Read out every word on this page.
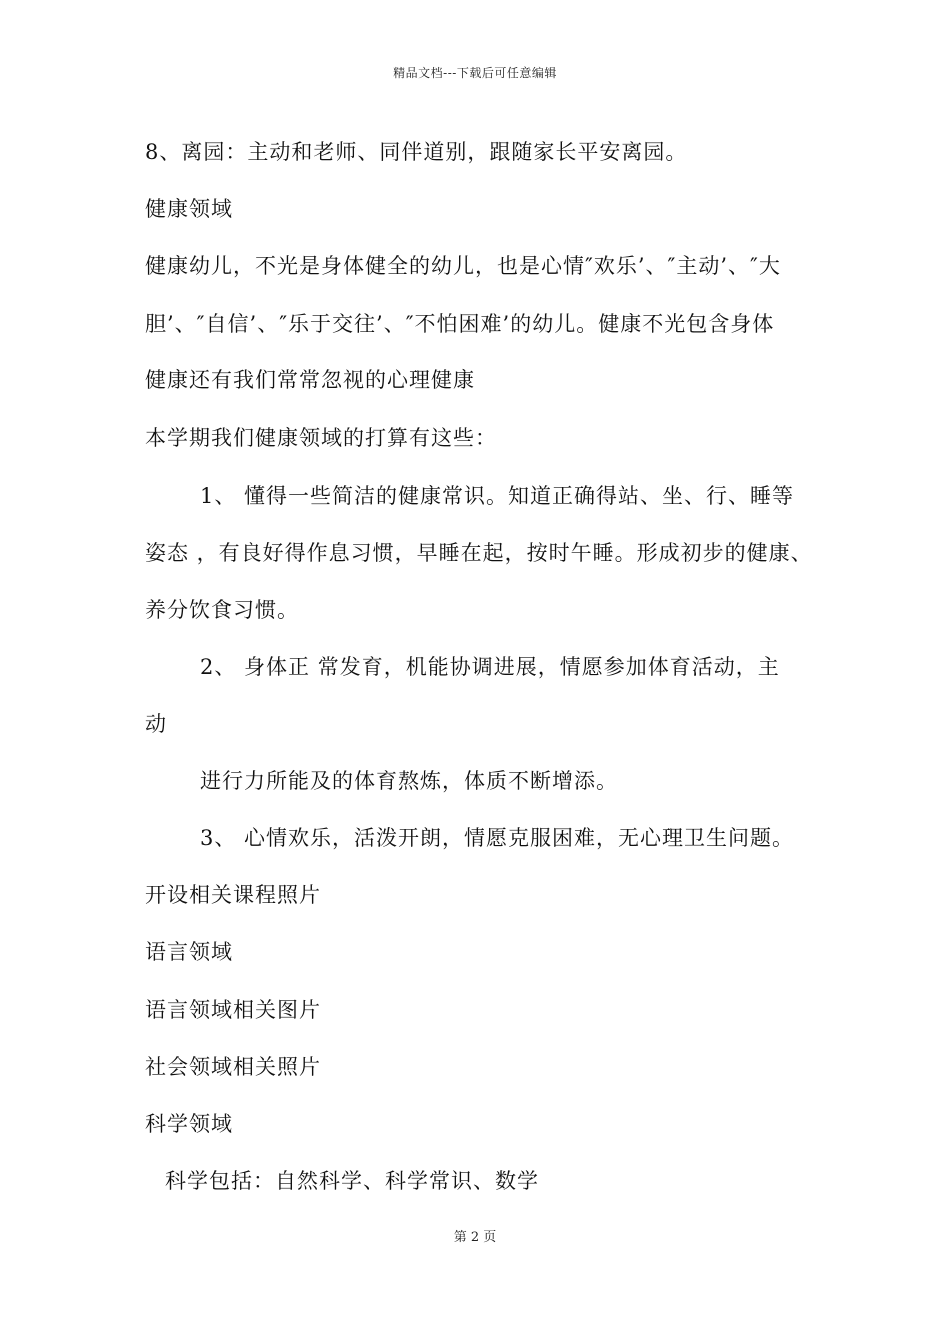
精品文档---下载后可任意编辑
8、离园：主动和老师、同伴道别，跟随家长平安离园。
健康领域
健康幼儿，不光是身体健全的幼儿，也是心情″欢乐’、″主动’、″大
胆’、″自信’、″乐于交往’、″不怕困难’的幼儿。健康不光包含身体
健康还有我们常常忽视的心理健康
本学期我们健康领域的打算有这些：
1、 懂得一些简洁的健康常识。知道正确得站、坐、行、睡等
姿态 ，有良好得作息习惯，早睡在起，按时午睡。形成初步的健康、
养分饮食习惯。
2、 身体正 常发育，机能协调进展，情愿参加体育活动，主
动
进行力所能及的体育熬炼，体质不断增添。
3、 心情欢乐，活泼开朗，情愿克服困难，无心理卫生问题。
开设相关课程照片
语言领域
语言领域相关图片
社会领域相关照片
科学领域
科学包括：自然科学、科学常识、数学
第 2 页
